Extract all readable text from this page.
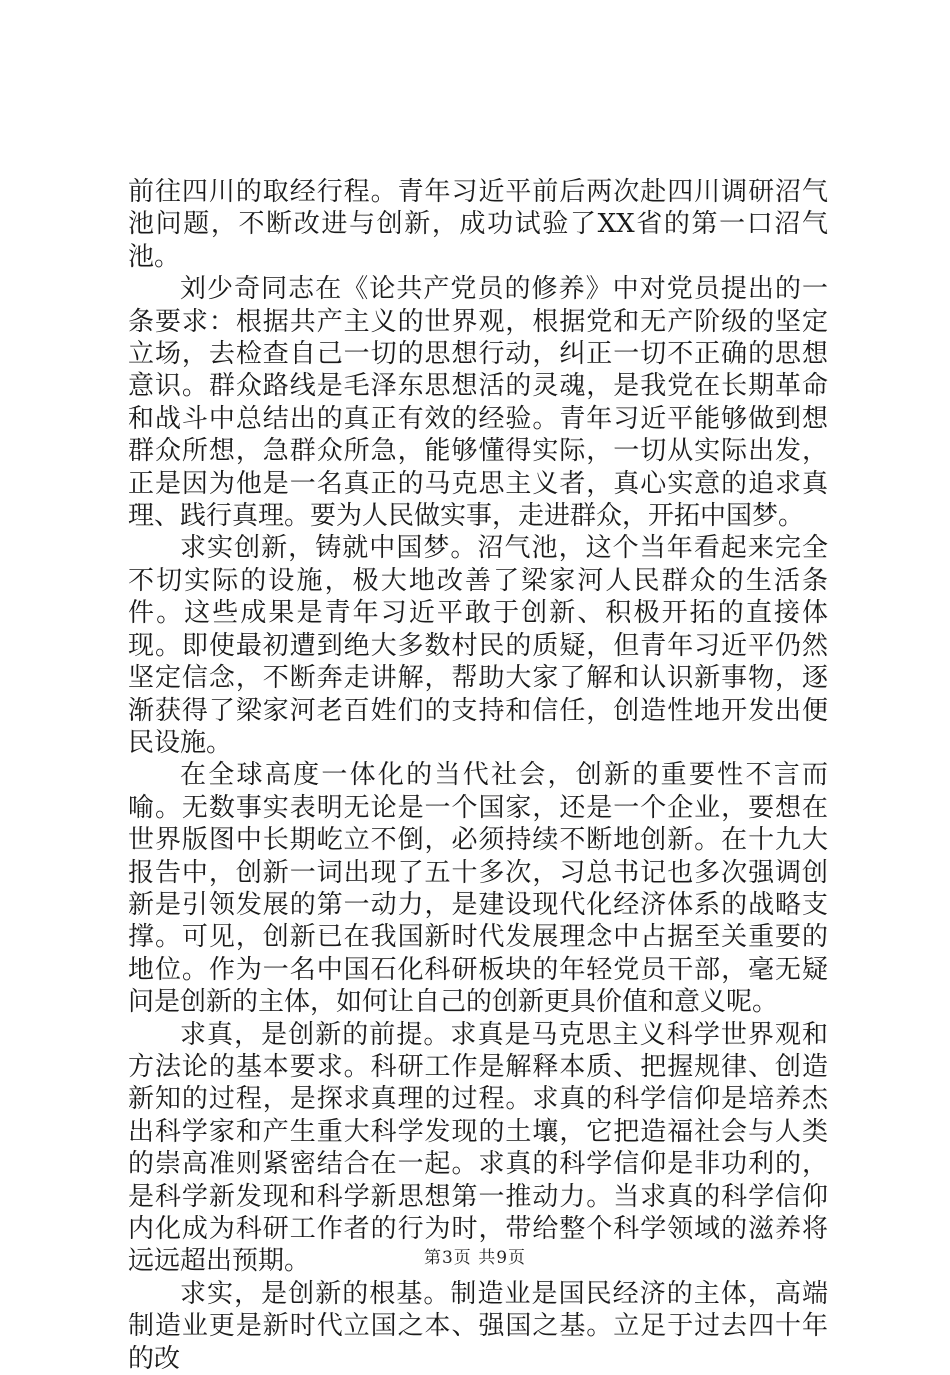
前往四川的取经行程。青年习近平前后两次赴四川调研沼气池问题，不断改进与创新，成功试验了XX省的第一口沼气池。

刘少奇同志在《论共产党员的修养》中对党员提出的一条要求：根据共产主义的世界观，根据党和无产阶级的坚定立场，去检查自己一切的思想行动，纠正一切不正确的思想意识。群众路线是毛泽东思想活的灵魂，是我党在长期革命和战斗中总结出的真正有效的经验。青年习近平能够做到想群众所想，急群众所急，能够懂得实际，一切从实际出发，正是因为他是一名真正的马克思主义者，真心实意的追求真理、践行真理。要为人民做实事，走进群众，开拓中国梦。

求实创新，铸就中国梦。沼气池，这个当年看起来完全不切实际的设施，极大地改善了梁家河人民群众的生活条件。这些成果是青年习近平敢于创新、积极开拓的直接体现。即使最初遭到绝大多数村民的质疑，但青年习近平仍然坚定信念，不断奔走讲解，帮助大家了解和认识新事物，逐渐获得了梁家河老百姓们的支持和信任，创造性地开发出便民设施。

在全球高度一体化的当代社会，创新的重要性不言而喻。无数事实表明无论是一个国家，还是一个企业，要想在世界版图中长期屹立不倒，必须持续不断地创新。在十九大报告中，创新一词出现了五十多次，习总书记也多次强调创新是引领发展的第一动力，是建设现代化经济体系的战略支撑。可见，创新已在我国新时代发展理念中占据至关重要的地位。作为一名中国石化科研板块的年轻党员干部，毫无疑问是创新的主体，如何让自己的创新更具价值和意义呢。

求真，是创新的前提。求真是马克思主义科学世界观和方法论的基本要求。科研工作是解释本质、把握规律、创造新知的过程，是探求真理的过程。求真的科学信仰是培养杰出科学家和产生重大科学发现的土壤，它把造福社会与人类的崇高准则紧密结合在一起。求真的科学信仰是非功利的，是科学新发现和科学新思想第一推动力。当求真的科学信仰内化成为科研工作者的行为时，带给整个科学领域的滋养将远远超出预期。

求实，是创新的根基。制造业是国民经济的主体，高端制造业更是新时代立国之本、强国之基。立足于过去四十年的改

第3页 共9页
